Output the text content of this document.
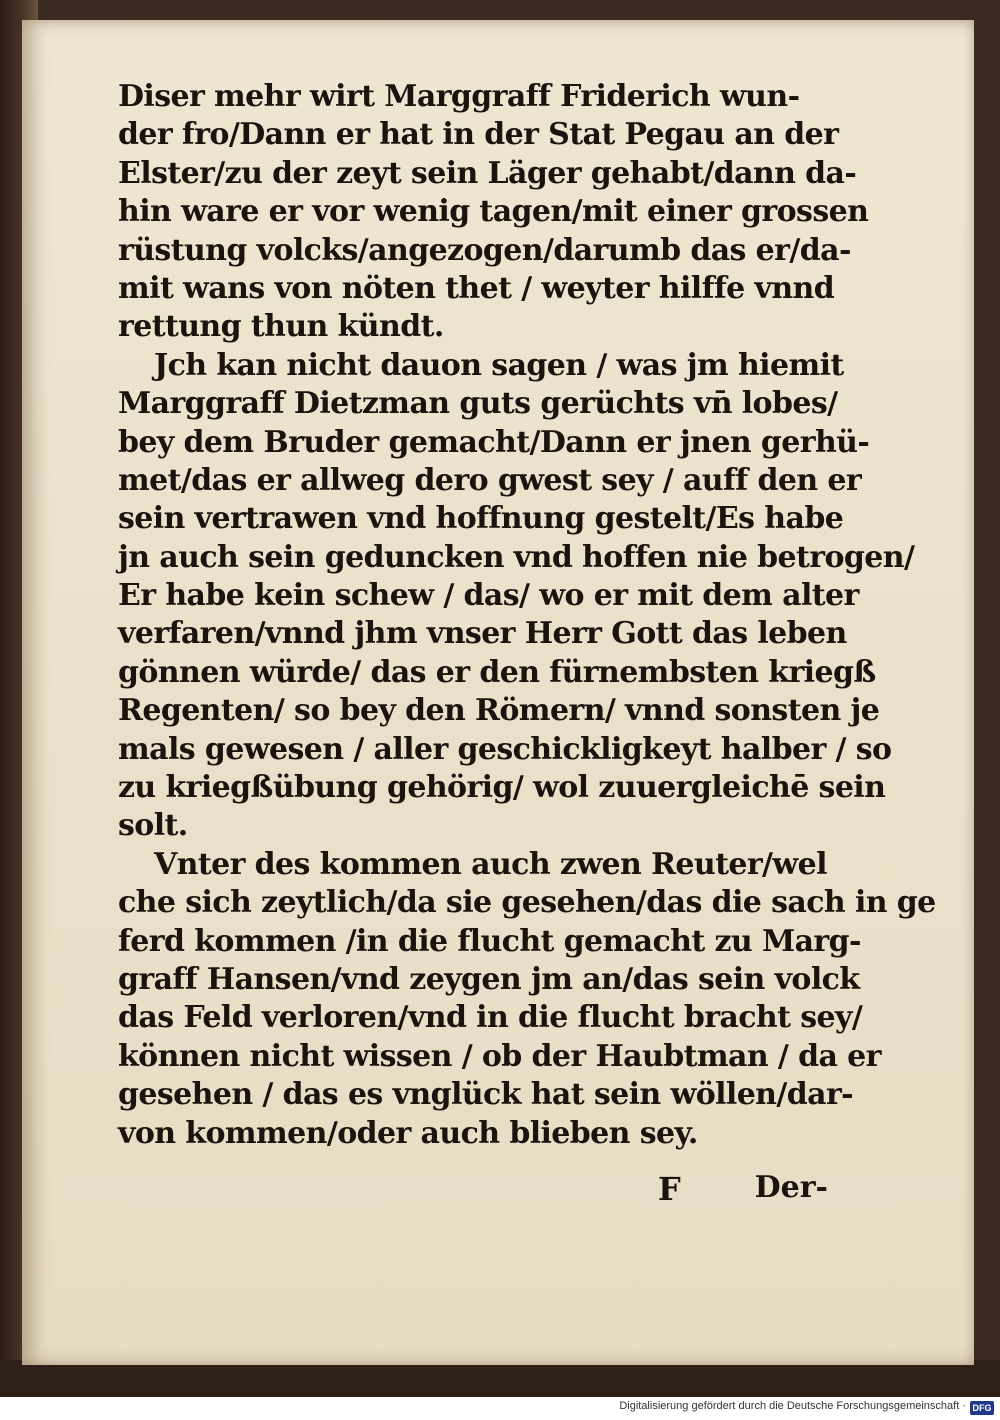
Diser mehr wirt Marggraff Friderich wun-
der fro/Dann er hat in der Stat Pegau an der
Elster/zu der zeyt sein Läger gehabt/dann da-
hin ware er vor wenig tagen/mit einer grossen
rüstung volcks/angezogen/darumb das er/da-
mit wans von nöten thet / weyter hilffe vnnd
rettung thun kündt.
Jch kan nicht dauon sagen / was jm hiemit
Marggraff Dietzman guts gerüchts vn̄ lobes/
bey dem Bruder gemacht/Dann er jnen gerhü-
met/das er allweg dero gwest sey / auff den er
sein vertrawen vnd hoffnung gestelt/Es habe
jn auch sein geduncken vnd hoffen nie betrogen/
Er habe kein schew / das/ wo er mit dem alter
verfaren/vnnd jhm vnser Herr Gott das leben
gönnen würde/ das er den fürnembsten kriegß
Regenten/ so bey den Römern/ vnnd sonsten je
mals gewesen / aller geschickligkeyt halber / so
zu kriegßübung gehörig/ wol zuuergleichē sein
solt.
Vnter des kommen auch zwen Reuter/wel
che sich zeytlich/da sie gesehen/das die sach in ge
ferd kommen /in die flucht gemacht zu Marg-
graff Hansen/vnd zeygen jm an/das sein volck
das Feld verloren/vnd in die flucht bracht sey/
können nicht wissen / ob der Haubtman / da er
gesehen / das es vnglück hat sein wöllen/dar-
von kommen/oder auch blieben sey.
F Der-
Digitalisierung gefördert durch die Deutsche Forschungsgemeinschaft · DFG
